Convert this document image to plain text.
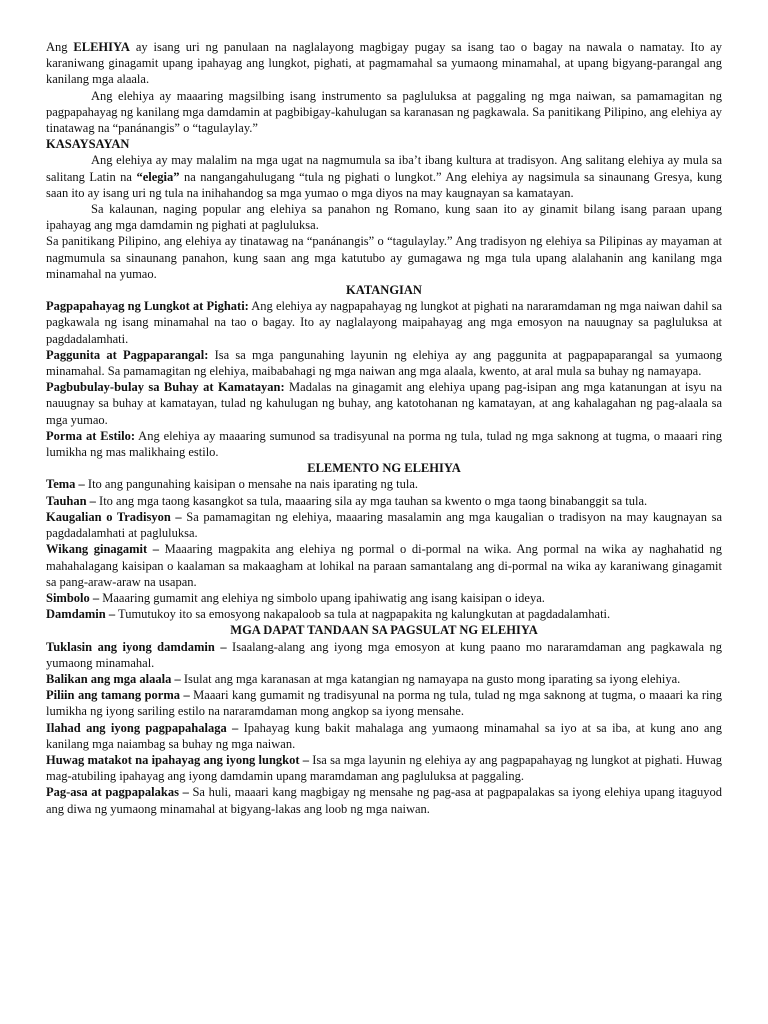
Ang ELEHIYA ay isang uri ng panulaan na naglalayong magbigay pugay sa isang tao o bagay na nawala o namatay. Ito ay karaniwang ginagamit upang ipahayag ang lungkot, pighati, at pagmamahal sa yumaong minamahal, at upang bigyang-parangal ang kanilang mga alaala.

Ang elehiya ay maaaring magsilbing isang instrumento sa pagluluksa at paggaling ng mga naiwan, sa pamamagitan ng pagpapahayag ng kanilang mga damdamin at pagbibigay-kahulugan sa karanasan ng pagkawala. Sa panitikang Pilipino, ang elehiya ay tinatawag na “panánangis” o “tagulaylay.”

KASAYSAYAN

Ang elehiya ay may malalim na mga ugat na nagmumula sa iba’t ibang kultura at tradisyon. Ang salitang elehiya ay mula sa salitang Latin na “elegia” na nangangahulugang “tula ng pighati o lungkot.” Ang elehiya ay nagsimula sa sinaunang Gresya, kung saan ito ay isang uri ng tula na inihahandog sa mga yumao o mga diyos na may kaugnayan sa kamatayan.

Sa kalaunan, naging popular ang elehiya sa panahon ng Romano, kung saan ito ay ginamit bilang isang paraan upang ipahayag ang mga damdamin ng pighati at pagluluksa.

Sa panitikang Pilipino, ang elehiya ay tinatawag na “panánangis” o “tagulaylay.” Ang tradisyon ng elehiya sa Pilipinas ay mayaman at nagmumula sa sinaunang panahon, kung saan ang mga katutubo ay gumagawa ng mga tula upang alalahanin ang kanilang mga minamahal na yumao.

KATANGIAN

Pagpapahayag ng Lungkot at Pighati: Ang elehiya ay nagpapahayag ng lungkot at pighati na nararamdaman ng mga naiwan dahil sa pagkawala ng isang minamahal na tao o bagay. Ito ay naglalayong maipahayag ang mga emosyon na nauugnay sa pagluluksa at pagdadalamhati.

Paggunita at Pagpaparangal: Isa sa mga pangunahing layunin ng elehiya ay ang paggunita at pagpapaparangal sa yumaong minamahal. Sa pamamagitan ng elehiya, maibabahagi ng mga naiwan ang mga alaala, kwento, at aral mula sa buhay ng namayapa.

Pagbubulay-bulay sa Buhay at Kamatayan: Madalas na ginagamit ang elehiya upang pag-isipan ang mga katanungan at isyu na nauugnay sa buhay at kamatayan, tulad ng kahulugan ng buhay, ang katotohanan ng kamatayan, at ang kahalagahan ng pag-alaala sa mga yumao.

Porma at Estilo: Ang elehiya ay maaaring sumunod sa tradisyunal na porma ng tula, tulad ng mga saknong at tugma, o maaari ring lumikha ng mas malikhaing estilo.

ELEMENTO NG ELEHIYA

Tema – Ito ang pangunahing kaisipan o mensahe na nais iparating ng tula.

Tauhan – Ito ang mga taong kasangkot sa tula, maaaring sila ay mga tauhan sa kwento o mga taong binabanggit sa tula.

Kaugalian o Tradisyon – Sa pamamagitan ng elehiya, maaaring masalamin ang mga kaugalian o tradisyon na may kaugnayan sa pagdadalamhati at pagluluksa.

Wikang ginagamit – Maaaring magpakita ang elehiya ng pormal o di-pormal na wika. Ang pormal na wika ay naghahatid ng mahahalagang kaisipan o kaalaman sa makaagham at lohikal na paraan samantalang ang di-pormal na wika ay karaniwang ginagamit sa pang-araw-araw na usapan.

Simbolo – Maaaring gumamit ang elehiya ng simbolo upang ipahiwatig ang isang kaisipan o ideya.

Damdamin – Tumutukoy ito sa emosyong nakapaloob sa tula at nagpapakita ng kalungkutan at pagdadalamhati.

MGA DAPAT TANDAAN SA PAGSULAT NG ELEHIYA

Tuklasin ang iyong damdamin – Isaalang-alang ang iyong mga emosyon at kung paano mo nararamdaman ang pagkawala ng yumaong minamahal.

Balikan ang mga alaala – Isulat ang mga karanasan at mga katangian ng namayapa na gusto mong iparating sa iyong elehiya.

Piliin ang tamang porma – Maaari kang gumamit ng tradisyunal na porma ng tula, tulad ng mga saknong at tugma, o maaari ka ring lumikha ng iyong sariling estilo na nararamdaman mong angkop sa iyong mensahe.

Ilahad ang iyong pagpapahalaga – Ipahayag kung bakit mahalaga ang yumaong minamahal sa iyo at sa iba, at kung ano ang kanilang mga naiambag sa buhay ng mga naiwan.

Huwag matakot na ipahayag ang iyong lungkot – Isa sa mga layunin ng elehiya ay ang pagpapahayag ng lungkot at pighati. Huwag mag-atubiling ipahayag ang iyong damdamin upang maramdaman ang pagluluksa at paggaling.

Pag-asa at pagpapalakas – Sa huli, maaari kang magbigay ng mensahe ng pag-asa at pagpapalakas sa iyong elehiya upang itaguyod ang diwa ng yumaong minamahal at bigyang-lakas ang loob ng mga naiwan.
